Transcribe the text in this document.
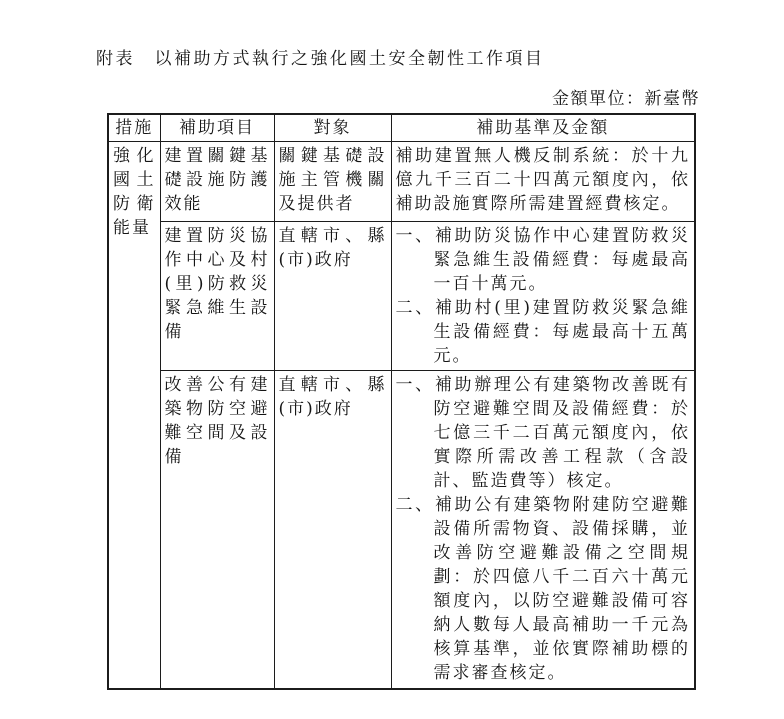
附表　以補助方式執行之強化國土安全韌性工作項目
金額單位：新臺幣
措施	補助項目	對象	補助基準及金額
強化國土防衛能量	建置關鍵基礎設施防護效能	關鍵基礎設施主管機關及提供者	補助建置無人機反制系統：於十九億九千三百二十四萬元額度內，依補助設施實際所需建置經費核定。

	建置防災協作中心及村(里)防救災緊急維生設備	直轄市、縣(市)政府	一、補助防災協作中心建置防救災緊急維生設備經費：每處最高一百十萬元。
二、補助村(里)建置防救災緊急維生設備經費：每處最高十五萬元。

	改善公有建築物防空避難空間及設備	直轄市、縣(市)政府	一、補助辦理公有建築物改善既有防空避難空間及設備經費：於七億三千二百萬元額度內，依實際所需改善工程款（含設計、監造費等）核定。
二、補助公有建築物附建防空避難設備所需物資、設備採購，並改善防空避難設備之空間規劃：於四億八千二百六十萬元額度內，以防空避難設備可容納人數每人最高補助一千元為核算基準，並依實際補助標的需求審查核定。
